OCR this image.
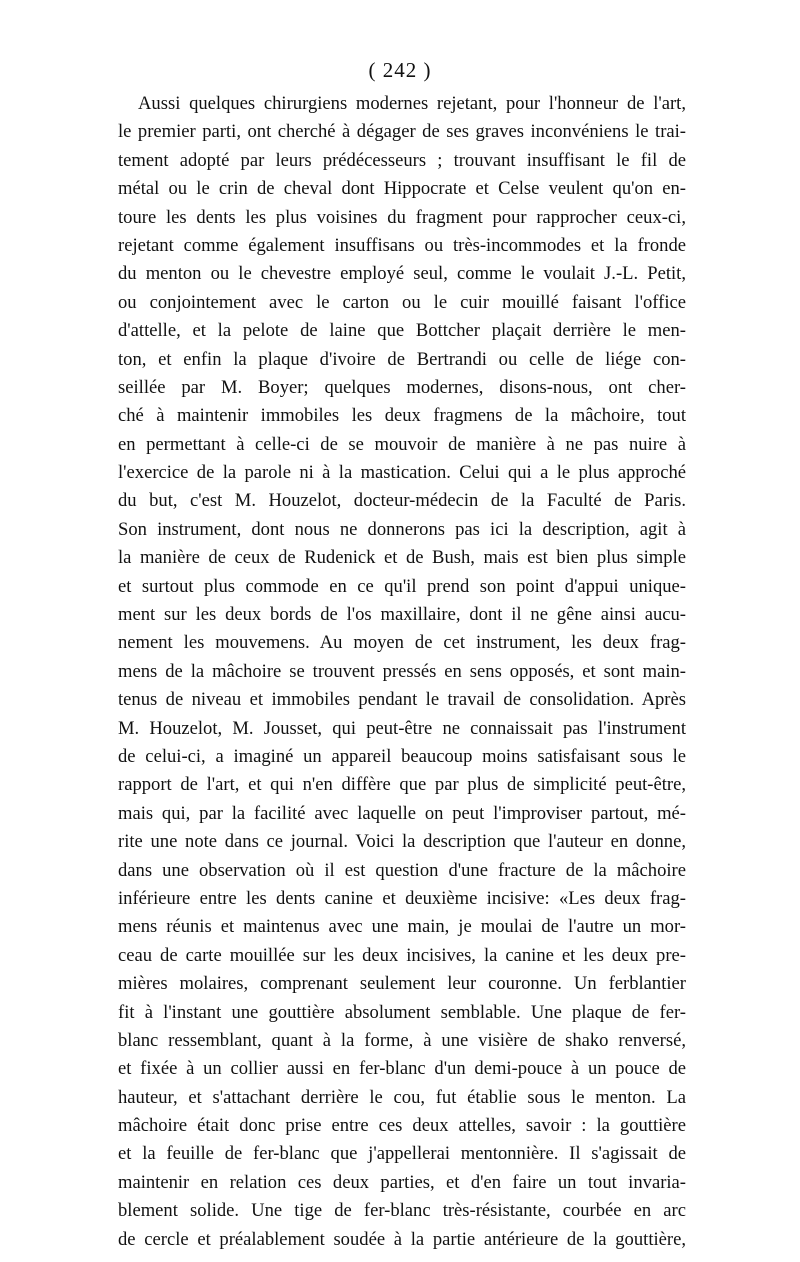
( 242 )
Aussi quelques chirurgiens modernes rejetant, pour l'honneur de l'art,
le premier parti, ont cherché à dégager de ses graves inconvéniens le trai-
tement adopté par leurs prédécesseurs ; trouvant insuffisant le fil de
métal ou le crin de cheval dont Hippocrate et Celse veulent qu'on en-
toure les dents les plus voisines du fragment pour rapprocher ceux-ci,
rejetant comme également insuffisans ou très-incommodes et la fronde
du menton ou le chevestre employé seul, comme le voulait J.-L. Petit,
ou conjointement avec le carton ou le cuir mouillé faisant l'office
d'attelle, et la pelote de laine que Bottcher plaçait derrière le men-
ton, et enfin la plaque d'ivoire de Bertrandi ou celle de liége con-
seillée par M. Boyer; quelques modernes, disons-nous, ont cher-
ché à maintenir immobiles les deux fragmens de la mâchoire, tout
en permettant à celle-ci de se mouvoir de manière à ne pas nuire à
l'exercice de la parole ni à la mastication. Celui qui a le plus approché
du but, c'est M. Houzelot, docteur-médecin de la Faculté de Paris.
Son instrument, dont nous ne donnerons pas ici la description, agit à
la manière de ceux de Rudenick et de Bush, mais est bien plus simple
et surtout plus commode en ce qu'il prend son point d'appui unique-
ment sur les deux bords de l'os maxillaire, dont il ne gêne ainsi aucu-
nement les mouvemens. Au moyen de cet instrument, les deux frag-
mens de la mâchoire se trouvent pressés en sens opposés, et sont main-
tenus de niveau et immobiles pendant le travail de consolidation. Après
M. Houzelot, M. Jousset, qui peut-être ne connaissait pas l'instrument
de celui-ci, a imaginé un appareil beaucoup moins satisfaisant sous le
rapport de l'art, et qui n'en diffère que par plus de simplicité peut-être,
mais qui, par la facilité avec laquelle on peut l'improviser partout, mé-
rite une note dans ce journal. Voici la description que l'auteur en donne,
dans une observation où il est question d'une fracture de la mâchoire
inférieure entre les dents canine et deuxième incisive: «Les deux frag-
mens réunis et maintenus avec une main, je moulai de l'autre un mor-
ceau de carte mouillée sur les deux incisives, la canine et les deux pre-
mières molaires, comprenant seulement leur couronne. Un ferblantier
fit à l'instant une gouttière absolument semblable. Une plaque de fer-
blanc ressemblant, quant à la forme, à une visière de shako renversé,
et fixée à un collier aussi en fer-blanc d'un demi-pouce à un pouce de
hauteur, et s'attachant derrière le cou, fut établie sous le menton. La
mâchoire était donc prise entre ces deux attelles, savoir : la gouttière
et la feuille de fer-blanc que j'appellerai mentonnière. Il s'agissait de
maintenir en relation ces deux parties, et d'en faire un tout invaria-
blement solide. Une tige de fer-blanc très-résistante, courbée en arc
de cercle et préalablement soudée à la partie antérieure de la gouttière,
